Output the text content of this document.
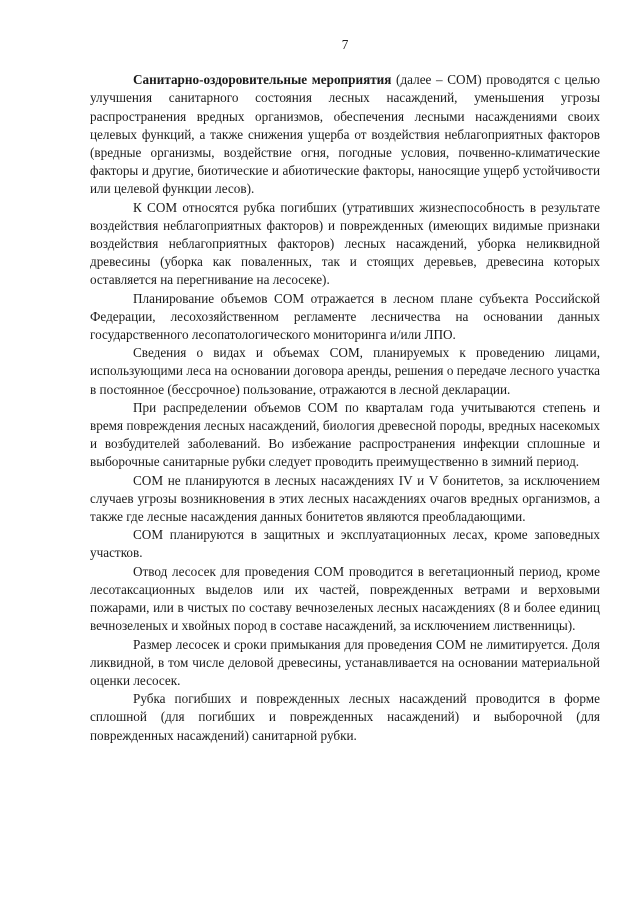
7

Санитарно-оздоровительные мероприятия (далее – СОМ) проводятся с целью улучшения санитарного состояния лесных насаждений, уменьшения угрозы распространения вредных организмов, обеспечения лесными насаждениями своих целевых функций, а также снижения ущерба от воздействия неблагоприятных факторов (вредные организмы, воздействие огня, погодные условия, почвенно-климатические факторы и другие, биотические и абиотические факторы, наносящие ущерб устойчивости или целевой функции лесов).

К СОМ относятся рубка погибших (утративших жизнеспособность в результате воздействия неблагоприятных факторов) и поврежденных (имеющих видимые признаки воздействия неблагоприятных факторов) лесных насаждений, уборка неликвидной древесины (уборка как поваленных, так и стоящих деревьев, древесина которых оставляется на перегнивание на лесосеке).

Планирование объемов СОМ отражается в лесном плане субъекта Российской Федерации, лесохозяйственном регламенте лесничества на основании данных государственного лесопатологического мониторинга и/или ЛПО.

Сведения о видах и объемах СОМ, планируемых к проведению лицами, использующими леса на основании договора аренды, решения о передаче лесного участка в постоянное (бессрочное) пользование, отражаются в лесной декларации.

При распределении объемов СОМ по кварталам года учитываются степень и время повреждения лесных насаждений, биология древесной породы, вредных насекомых и возбудителей заболеваний. Во избежание распространения инфекции сплошные и выборочные санитарные рубки следует проводить преимущественно в зимний период.

СОМ не планируются в лесных насаждениях IV и V бонитетов, за исключением случаев угрозы возникновения в этих лесных насаждениях очагов вредных организмов, а также где лесные насаждения данных бонитетов являются преобладающими.

СОМ планируются в защитных и эксплуатационных лесах, кроме заповедных участков.

Отвод лесосек для проведения СОМ проводится в вегетационный период, кроме лесотаксационных выделов или их частей, поврежденных ветрами и верховыми пожарами, или в чистых по составу вечнозеленых лесных насаждениях (8 и более единиц вечнозеленых и хвойных пород в составе насаждений, за исключением лиственницы).

Размер лесосек и сроки примыкания для проведения СОМ не лимитируется. Доля ликвидной, в том числе деловой древесины, устанавливается на основании материальной оценки лесосек.

Рубка погибших и поврежденных лесных насаждений проводится в форме сплошной (для погибших и поврежденных насаждений) и выборочной (для поврежденных насаждений) санитарной рубки.
